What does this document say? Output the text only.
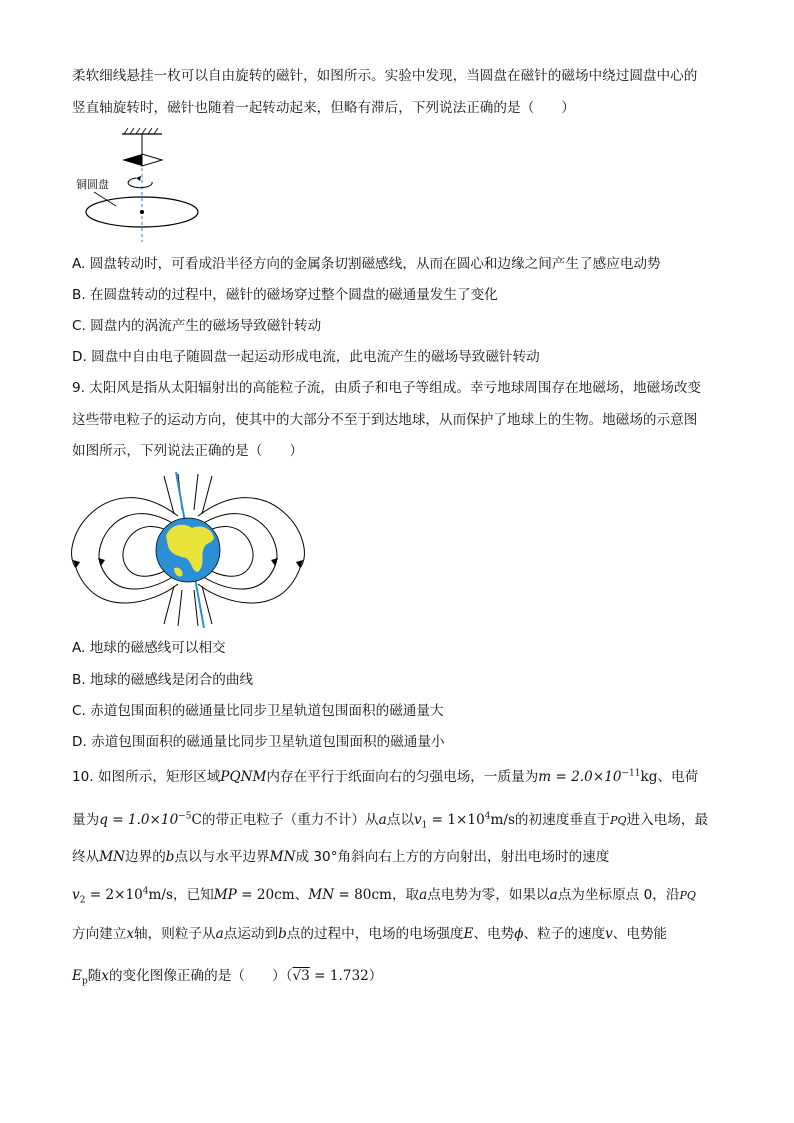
柔软细线悬挂一枚可以自由旋转的磁针，如图所示。实验中发现，当圆盘在磁针的磁场中绕过圆盘中心的
竖直轴旋转时，磁针也随着一起转动起来，但略有滞后，下列说法正确的是（　　）
铜圆盘
A. 圆盘转动时，可看成沿半径方向的金属条切割磁感线，从而在圆心和边缘之间产生了感应电动势
B. 在圆盘转动的过程中，磁针的磁场穿过整个圆盘的磁通量发生了变化
C. 圆盘内的涡流产生的磁场导致磁针转动
D. 圆盘中自由电子随圆盘一起运动形成电流，此电流产生的磁场导致磁针转动
9. 太阳风是指从太阳辐射出的高能粒子流，由质子和电子等组成。幸亏地球周围存在地磁场，地磁场改变
这些带电粒子的运动方向，使其中的大部分不至于到达地球，从而保护了地球上的生物。地磁场的示意图
如图所示，下列说法正确的是（　　）
A. 地球的磁感线可以相交
B. 地球的磁感线是闭合的曲线
C. 赤道包围面积的磁通量比同步卫星轨道包围面积的磁通量大
D. 赤道包围面积的磁通量比同步卫星轨道包围面积的磁通量小
10. 如图所示，矩形区域PQNM内存在平行于纸面向右的匀强电场，一质量为$m = 2.0\times 10^{-11}kg$、电荷
量为$q = 1.0\times 10^{-5}C$的带正电粒子（重力不计）从a点以$v_1 = 1\times 10^4m/s$的初速度垂直于PQ进入电场，最
终从MN边界的b点以与水平边界MN成 30°角斜向右上方的方向射出，射出电场时的速度
$v_2 = 2\times 10^4m/s$，已知MP = 20cm、MN = 80cm，取a点电势为零，如果以a点为坐标原点 0，沿PQ
方向建立x轴，则粒子从a点运动到b点的过程中，电场的电场强度E、电势ϕ、粒子的速度v、电势能
$E_p$随x的变化图像正确的是（　　）（√3 = 1.732）
